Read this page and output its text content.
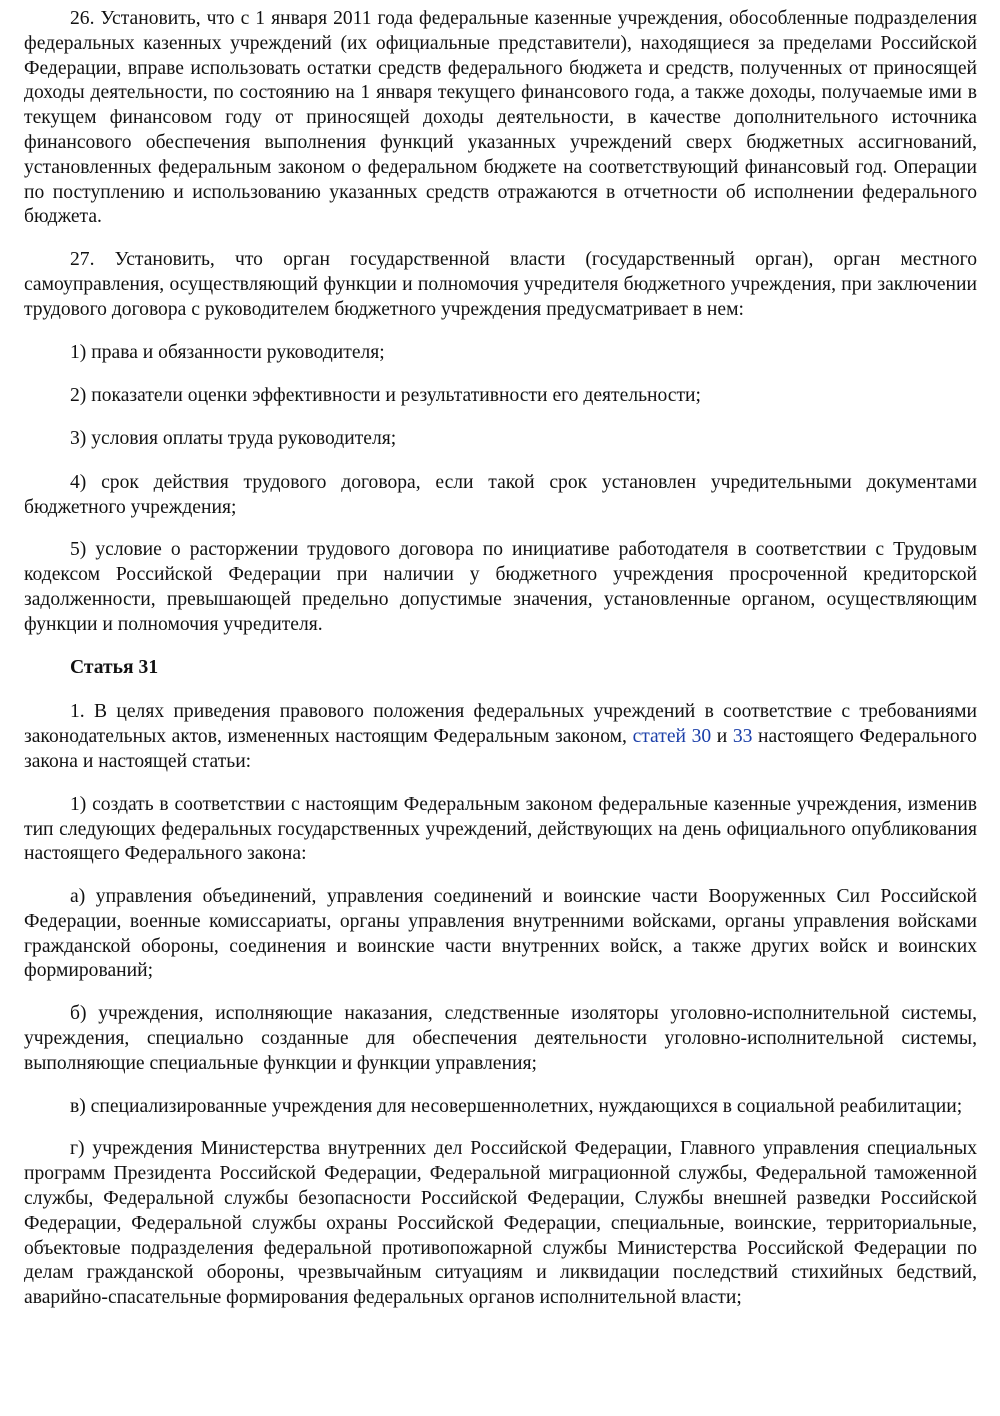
26. Установить, что с 1 января 2011 года федеральные казенные учреждения, обособленные подразделения федеральных казенных учреждений (их официальные представители), находящиеся за пределами Российской Федерации, вправе использовать остатки средств федерального бюджета и средств, полученных от приносящей доходы деятельности, по состоянию на 1 января текущего финансового года, а также доходы, получаемые ими в текущем финансовом году от приносящей доходы деятельности, в качестве дополнительного источника финансового обеспечения выполнения функций указанных учреждений сверх бюджетных ассигнований, установленных федеральным законом о федеральном бюджете на соответствующий финансовый год. Операции по поступлению и использованию указанных средств отражаются в отчетности об исполнении федерального бюджета.

27. Установить, что орган государственной власти (государственный орган), орган местного самоуправления, осуществляющий функции и полномочия учредителя бюджетного учреждения, при заключении трудового договора с руководителем бюджетного учреждения предусматривает в нем:

1) права и обязанности руководителя;

2) показатели оценки эффективности и результативности его деятельности;

3) условия оплаты труда руководителя;

4) срок действия трудового договора, если такой срок установлен учредительными документами бюджетного учреждения;

5) условие о расторжении трудового договора по инициативе работодателя в соответствии с Трудовым кодексом Российской Федерации при наличии у бюджетного учреждения просроченной кредиторской задолженности, превышающей предельно допустимые значения, установленные органом, осуществляющим функции и полномочия учредителя.

Статья 31

1. В целях приведения правового положения федеральных учреждений в соответствие с требованиями законодательных актов, измененных настоящим Федеральным законом, статей 30 и 33 настоящего Федерального закона и настоящей статьи:

1) создать в соответствии с настоящим Федеральным законом федеральные казенные учреждения, изменив тип следующих федеральных государственных учреждений, действующих на день официального опубликования настоящего Федерального закона:

а) управления объединений, управления соединений и воинские части Вооруженных Сил Российской Федерации, военные комиссариаты, органы управления внутренними войсками, органы управления войсками гражданской обороны, соединения и воинские части внутренних войск, а также других войск и воинских формирований;

б) учреждения, исполняющие наказания, следственные изоляторы уголовно-исполнительной системы, учреждения, специально созданные для обеспечения деятельности уголовно-исполнительной системы, выполняющие специальные функции и функции управления;

в) специализированные учреждения для несовершеннолетних, нуждающихся в социальной реабилитации;

г) учреждения Министерства внутренних дел Российской Федерации, Главного управления специальных программ Президента Российской Федерации, Федеральной миграционной службы, Федеральной таможенной службы, Федеральной службы безопасности Российской Федерации, Службы внешней разведки Российской Федерации, Федеральной службы охраны Российской Федерации, специальные, воинские, территориальные, объектовые подразделения федеральной противопожарной службы Министерства Российской Федерации по делам гражданской обороны, чрезвычайным ситуациям и ликвидации последствий стихийных бедствий, аварийно-спасательные формирования федеральных органов исполнительной власти;
